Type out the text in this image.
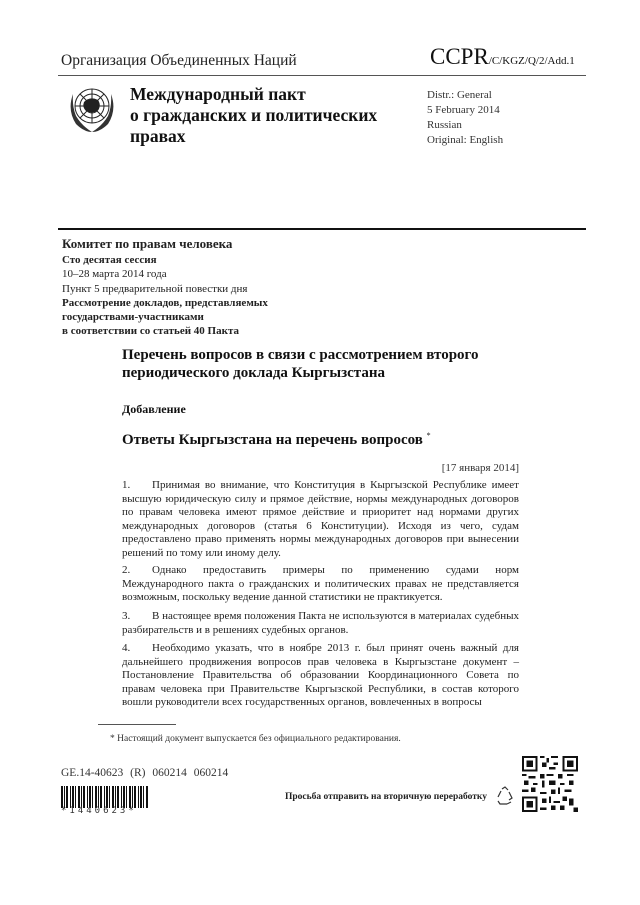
Организация Объединенных Наций	CCPR/C/KGZ/Q/2/Add.1
Международный пакт
о гражданских и политических
правах
Distr.: General
5 February 2014
Russian
Original: English
Комитет по правам человека
Сто десятая сессия
10–28 марта 2014 года
Пункт 5 предварительной повестки дня
Рассмотрение докладов, представляемых
государствами-участниками
в соответствии со статьей 40 Пакта
Перечень вопросов в связи с рассмотрением второго
периодического доклада Кыргызстана
Добавление
Ответы Кыргызстана на перечень вопросов *
[17 января 2014]
1. Принимая во внимание, что Конституция в Кыргызской Республике имеет высшую юридическую силу и прямое действие, нормы международных договоров по правам человека имеют прямое действие и приоритет над нормами других международных договоров (статья 6 Конституции). Исходя из чего, судам предоставлено право применять нормы международных договоров при вынесении решений по тому или иному делу.
2. Однако предоставить примеры по применению судами норм Международного пакта о гражданских и политических правах не представляется возможным, поскольку ведение данной статистики не практикуется.
3. В настоящее время положения Пакта не используются в материалах судебных разбирательств и в решениях судебных органов.
4. Необходимо указать, что в ноябре 2013 г. был принят очень важный для дальнейшего продвижения вопросов прав человека в Кыргызстане документ – Постановление Правительства об образовании Координационного Совета по правам человека при Правительстве Кыргызской Республики, в состав которого вошли руководители всех государственных органов, вовлеченных в вопросы
* Настоящий документ выпускается без официального редактирования.
GE.14-40623 (R) 060214 060214
*1440623*
Просьба отправить на вторичную переработку
